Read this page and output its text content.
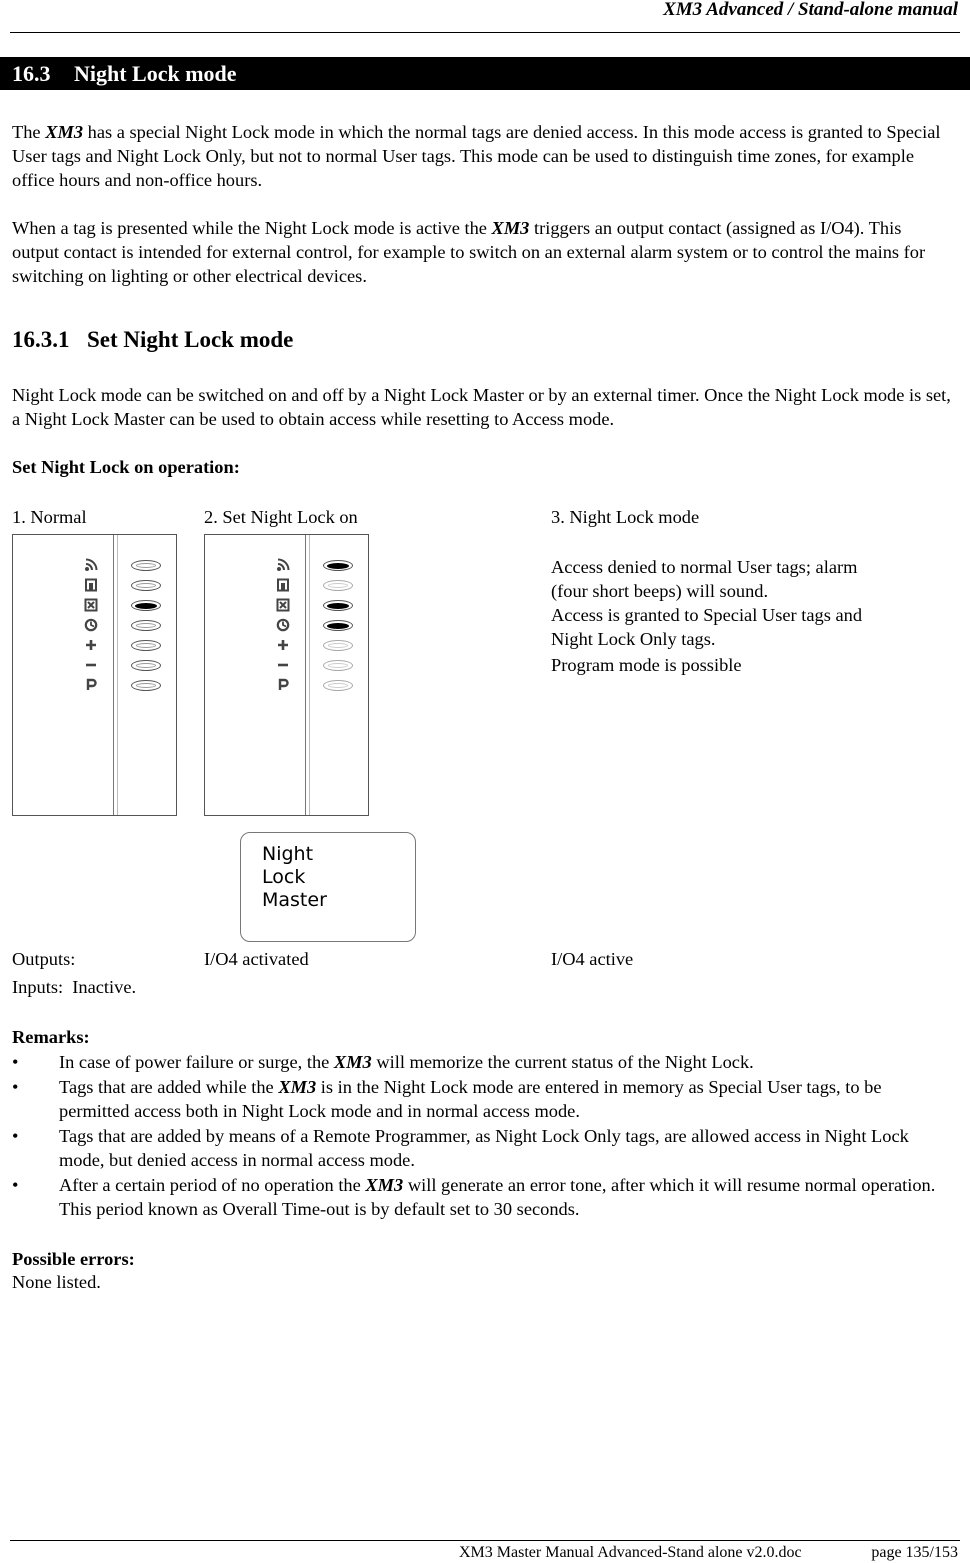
XM3 Advanced / Stand-alone manual
16.3 Night Lock mode
The XM3 has a special Night Lock mode in which the normal tags are denied access. In this mode access is granted to Special User tags and Night Lock Only, but not to normal User tags. This mode can be used to distinguish time zones, for example office hours and non-office hours.
When a tag is presented while the Night Lock mode is active the XM3 triggers an output contact (assigned as I/O4). This output contact is intended for external control, for example to switch on an external alarm system or to control the mains for switching on lighting or other electrical devices.
16.3.1 Set Night Lock mode
Night Lock mode can be switched on and off by a Night Lock Master or by an external timer. Once the Night Lock mode is set, a Night Lock Master can be used to obtain access while resetting to Access mode.
Set Night Lock on operation:
1. Normal	2. Set Night Lock on	3. Night Lock mode
Night
Lock
Master
Access denied to normal User tags; alarm
(four short beeps) will sound.
Access is granted to Special User tags and
Night Lock Only tags.
Program mode is possible
Outputs:	I/O4 activated	I/O4 active
Inputs:  Inactive.
Remarks:
• In case of power failure or surge, the XM3 will memorize the current status of the Night Lock.
• Tags that are added while the XM3 is in the Night Lock mode are entered in memory as Special User tags, to be permitted access both in Night Lock mode and in normal access mode.
• Tags that are added by means of a Remote Programmer, as Night Lock Only tags, are allowed access in Night Lock mode, but denied access in normal access mode.
• After a certain period of no operation the XM3 will generate an error tone, after which it will resume normal operation. This period known as Overall Time-out is by default set to 30 seconds.
Possible errors:
None listed.
XM3 Master Manual Advanced-Stand alone v2.0.doc	page 135/153
